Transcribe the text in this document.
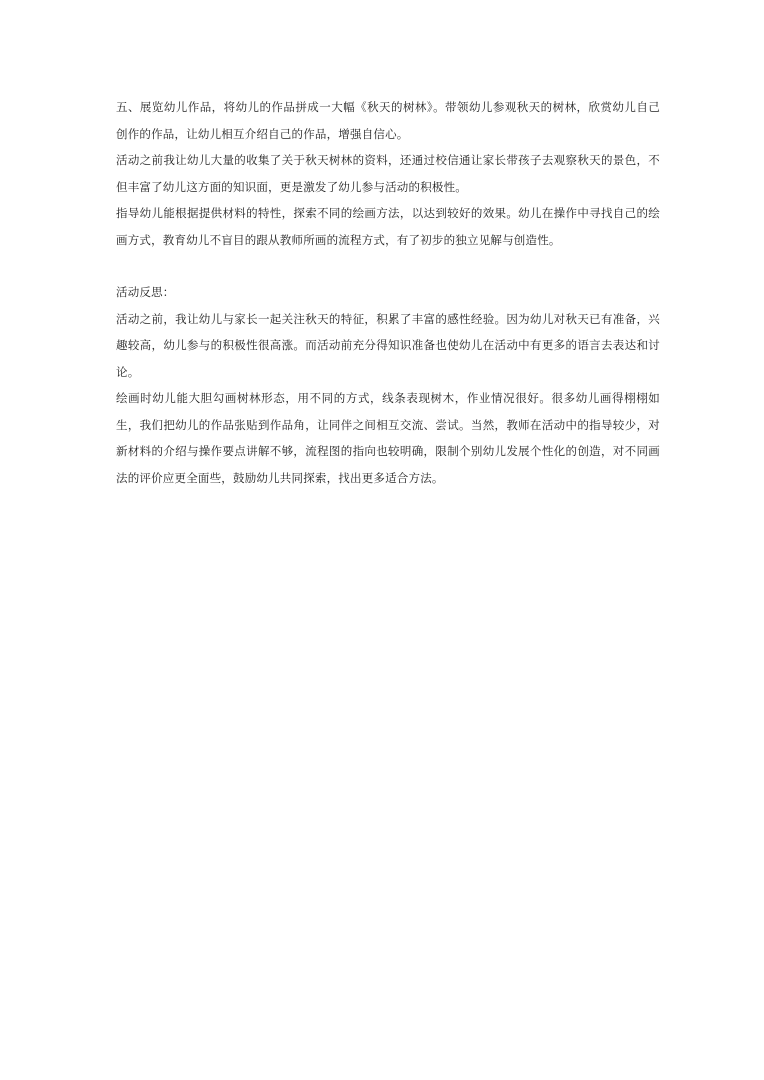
五、展览幼儿作品，将幼儿的作品拼成一大幅《秋天的树林》。带领幼儿参观秋天的树林，欣赏幼儿自己创作的作品，让幼儿相互介绍自己的作品，增强自信心。

活动之前我让幼儿大量的收集了关于秋天树林的资料，还通过校信通让家长带孩子去观察秋天的景色，不但丰富了幼儿这方面的知识面，更是激发了幼儿参与活动的积极性。

指导幼儿能根据提供材料的特性，探索不同的绘画方法，以达到较好的效果。幼儿在操作中寻找自己的绘画方式，教育幼儿不盲目的跟从教师所画的流程方式，有了初步的独立见解与创造性。

活动反思：

活动之前，我让幼儿与家长一起关注秋天的特征，积累了丰富的感性经验。因为幼儿对秋天已有准备，兴趣较高，幼儿参与的积极性很高涨。而活动前充分得知识准备也使幼儿在活动中有更多的语言去表达和讨论。

绘画时幼儿能大胆勾画树林形态，用不同的方式，线条表现树木，作业情况很好。很多幼儿画得栩栩如生，我们把幼儿的作品张贴到作品角，让同伴之间相互交流、尝试。当然，教师在活动中的指导较少，对新材料的介绍与操作要点讲解不够，流程图的指向也较明确，限制个别幼儿发展个性化的创造，对不同画法的评价应更全面些，鼓励幼儿共同探索，找出更多适合方法。
